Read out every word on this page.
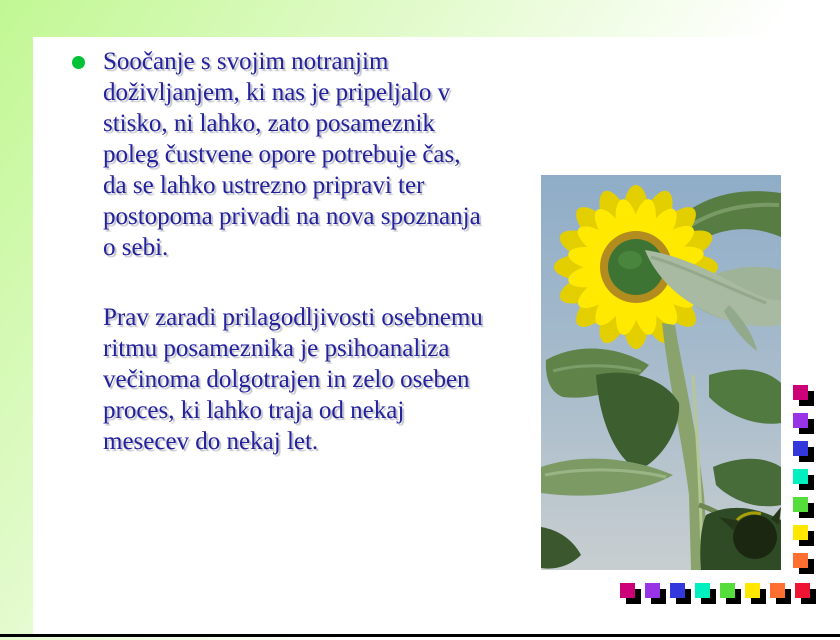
Soočanje s svojim notranjim
doživljanjem, ki nas je pripeljalo v
stisko, ni lahko, zato posameznik
poleg čustvene opore potrebuje čas,
da se lahko ustrezno pripravi ter
postopoma privadi na nova spoznanja
o sebi.
Prav zaradi prilagodljivosti osebnemu
ritmu posameznika je psihoanaliza
večinoma dolgotrajen in zelo oseben
proces, ki lahko traja od nekaj
mesecev do nekaj let.
